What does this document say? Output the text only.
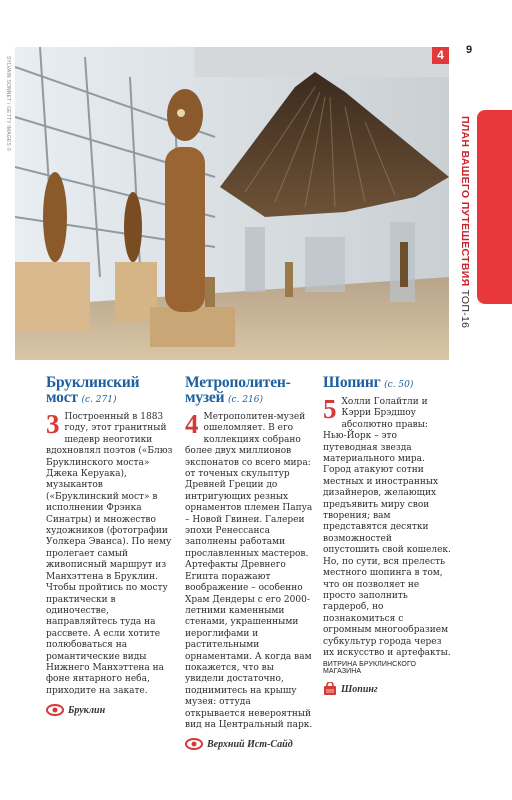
9
SYLVAIN SONNET / GETTY IMAGES ©
4
ПЛАН ВАШЕГО ПУТЕШЕСТВИЯ ТОП-16
Бруклинский мост (с. 271)
3 Построенный в 1883 году, этот гранитный шедевр неоготики вдохновлял поэтов («Блюз Бруклинского моста» Джека Керуака), музыкантов («Бруклинский мост» в исполнении Фрэнка Синатры) и множество художников (фотографии Уолкера Эванса). По нему пролегает самый живописный маршрут из Манхэттена в Бруклин. Чтобы пройтись по мосту практически в одиночестве, направляйтесь туда на рассвете. А если хотите полюбоваться на романтические виды Нижнего Манхэттена на фоне янтарного неба, приходите на закате.
Бруклин
Метрополитен-музей (с. 216)
4 Метрополитен-музей ошеломляет. В его коллекциях собрано более двух миллионов экспонатов со всего мира: от точеных скульптур Древней Греции до интригующих резных орнаментов племен Папуа – Новой Гвинеи. Галереи эпохи Ренессанса заполнены работами прославленных мастеров. Артефакты Древнего Египта поражают воображение – особенно Храм Дендеры с его 2000-летними каменными стенами, украшенными иероглифами и растительными орнаментами. А когда вам покажется, что вы увидели достаточно, поднимитесь на крышу музея: оттуда открывается невероятный вид на Центральный парк.
Верхний Ист-Сайд
Шопинг (с. 50)
5 Холли Голайтли и Кэрри Брэдшоу абсолютно правы: Нью-Йорк – это путеводная звезда материального мира. Город атакуют сотни местных и иностранных дизайнеров, желающих предъявить миру свои творения; вам представятся десятки возможностей опустошить свой кошелек. Но, по сути, вся прелесть местного шопинга в том, что он позволяет не просто заполнить гардероб, но познакомиться с огромным многообразием субкультур города через их искусство и артефакты.
ВИТРИНА БРУКЛИНСКОГО МАГАЗИНА
Шопинг
